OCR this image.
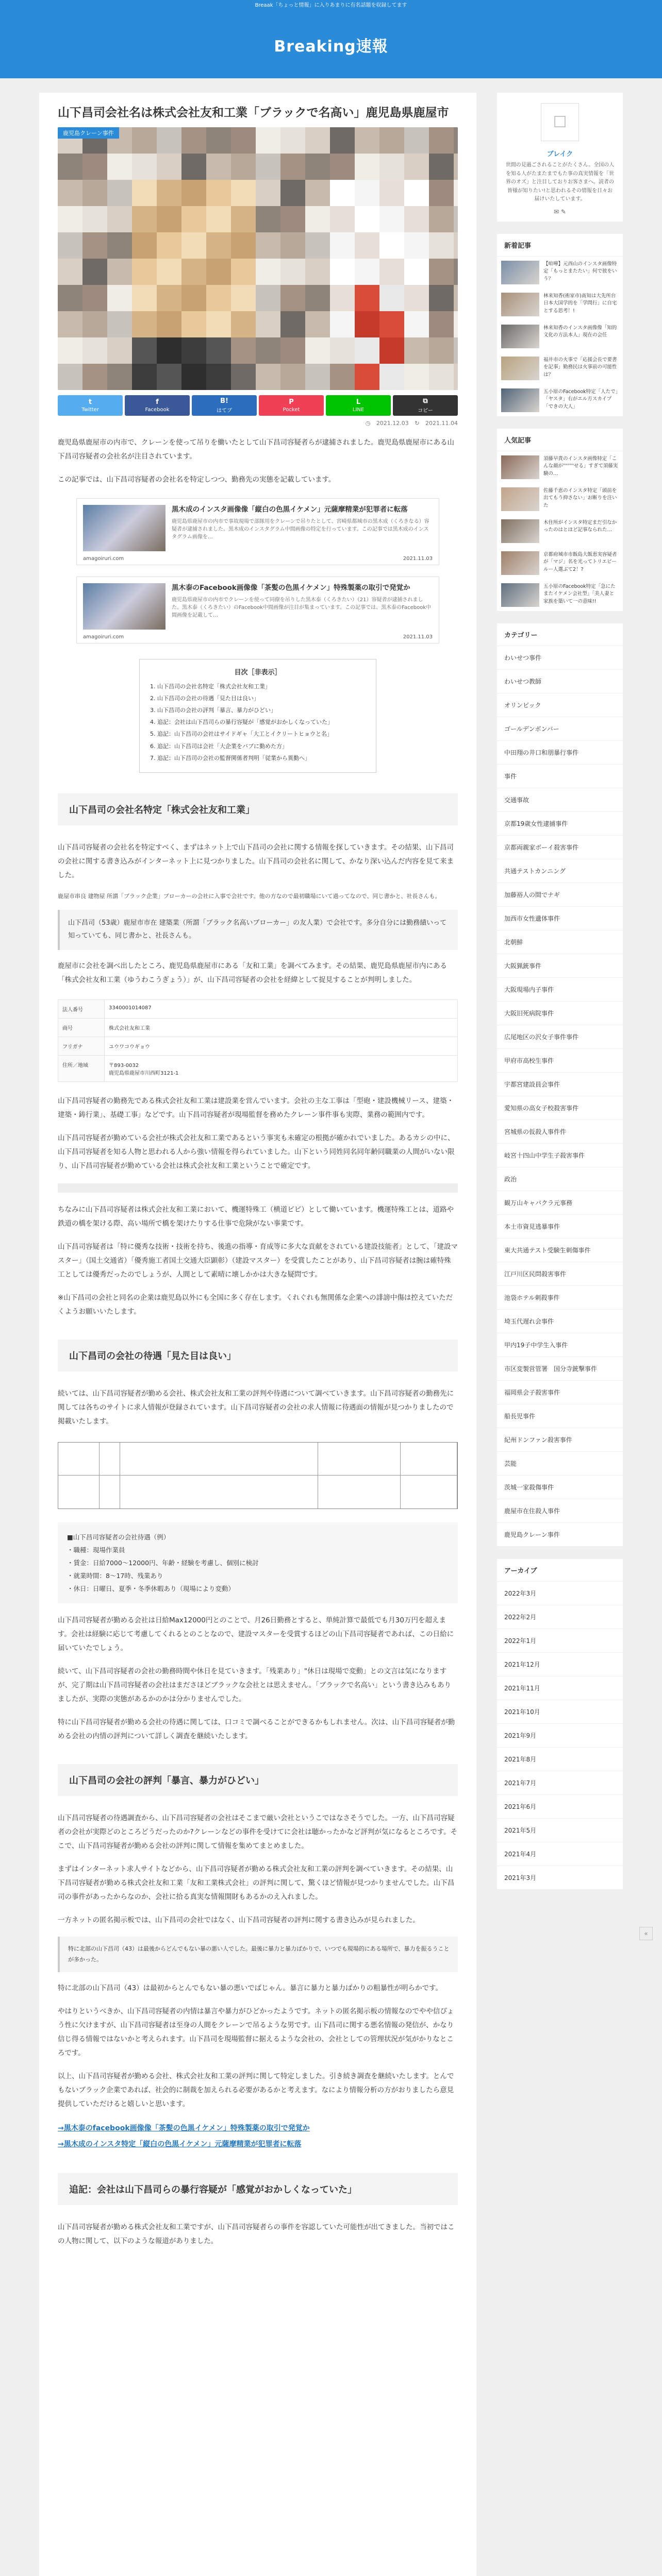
Breaak「ちょっと情報」に入りあまりに有名話題を収録してます
Breaking速報
山下昌司会社名は株式会社友和工業「ブラックで名高い」鹿児島県鹿屋市
鹿児島クレーン事件
t
Twitter
f
Facebook
B!
はてブ
P
Pocket
L
LINE
⧉
コピー
◷ 2021.12.03 ↻ 2021.11.04

鹿児島県鹿屋市の内市で、クレーンを使って吊りを働いたとして山下昌司容疑者らが逮捕されました。鹿児島県鹿屋市にある山下昌司容疑者の会社名が注目されています。

この記事では、山下昌司容疑者の会社名を特定しつつ、勤務先の実態を記載しています。

黒木成のインスタ画像像「縦白の色黒イケメン」元薩摩精業が犯罪者に転落
鹿児島県鹿屋市の内市で事故現場で部隊用をクレーンで吊りたとして、宮崎県都城市の黒木成（くろきなる）容疑者が逮捕されました。黒木成のインスタグラム中間画像の特定を行っています。この記事では黒木成のインスタグラム画像を…
amagoiruri.com	2021.11.03
黒木泰のFacebook画像像「茶髪の色黒イケメン」特殊製薬の取引で発覚か
鹿児島県鹿屋市の内市でクレーンを使って同僚を吊りした黒木泰（くろきたい）（21）容疑者が逮捕されました。黒木泰（くろきたい）のFacebook中間画像が注目が集まっています。この記事では、黒木泰のFacebook中間画像を記載して…
amagoiruri.com	2021.11.03
目次［非表示］
1. 山下昌司の会社名特定「株式会社友和工業」
2. 山下昌司の会社の待遇「見た目は良い」
3. 山下昌司の会社の評判「暴言、暴力がひどい」
4. 追記：会社は山下昌司らの暴行容疑が「感覚がおかしくなっていた」
5. 追記：山下昌司の会社はサイドギャ「大工とイクリートヒョウと名」
6. 追記：山下昌司は会社「大企業をバブに勤めた方」
7. 追記：山下昌司の会社の監督関係者判明「従業から異勤へ」
山下昌司の会社名特定「株式会社友和工業」

山下昌司容疑者の会社名を特定すべく、まずはネット上で山下昌司の会社に関する情報を探していきます。その結果、山下昌司の会社に関する書き込みがインターネット上に見つかりました。山下昌司の会社名に関して、かなり深い込んだ内容を見て来ました。

鹿屋市串良 建物屋 所謂「ブラック企業」ブローカーの会社に入事で会社です。他の方なので最初職場にいて過ってなので、同じ書かと、社長さんも。

山下昌司（53歳）鹿屋市市在 建築業（所謂「ブラック名高いブローカー」の友人業）で会社です。多分自分には勤務績いって知っていても、同じ書かと、社長さんも。

鹿屋市に会社を調べ出したところ、鹿児島県鹿屋市にある「友和工業」を調べてみます。その結果、鹿児島県鹿屋市内にある「株式会社友和工業（ゆうわこうぎょう）」が、山下昌司容疑者の会社を経緯として捉見することが判明しました。

法人番号	3340001014087
商号	株式会社友和工業
フリガナ	ユウワコウギョウ
住所／地域	〒893-0032
鹿児島県鹿屋市川西町3121-1

山下昌司容疑者の勤務先である株式会社友和工業は建設業を営んでいます。会社の主な工事は「型砲・建設機械リース、建築・建築・鋳行業」、基礎工事」などです。山下昌司容疑者が現場監督を務めたクレーン事件事も実際、業務の範囲内です。

山下昌司容疑者が勤めている会社が株式会社友和工業であるという事実も未確定の根拠が確かれでいました。あるカシの中に、山下昌司容疑者を知る人物と思われる人から強い情報を得られていました。山下という同姓同名同年齢同職業の人間がいない限り、山下昌司容疑者が勤めている会社は株式会社友和工業ということで確定です。

ちなみに山下昌司容疑者は株式会社友和工業において、機運特殊工（横道ビピ）として働いています。機運特殊工とは、道路や鉄道の橋を架ける際、高い場所で橋を架けたりする仕事で危険がない事業です。

山下昌司容疑者は「特に優秀な技術・技術を持ち、後進の指導・育成等に多大な貢献をされている建設技能者」として、「建設マスター」（国土交通省）「優秀施工者国土交通大臣顕彰）（建設マスター）を受賞したことがあり、山下昌司容疑者は腕は確特殊工としては優秀だったのでしょうが、人間として素晴に壊しかかは大きな疑問です。

※山下昌司の会社と同名の企業は鹿児島以外にも全国に多く存在します。くれぐれも無関係な企業への誹謗中傷は控えていただくようお願いいたします。

山下昌司の会社の待遇「見た目は良い」

続いては、山下昌司容疑者が勤める会社、株式会社友和工業の評判や待遇について調べていきます。山下昌司容疑者の勤務先に関しては各ちのサイトに求人情報が登録されています。山下昌司容疑者の会社の求人情報に待遇面の情報が見つかりましたので掲載いたします。

■山下昌司容疑者の会社待遇（例）
・職種：現場作業員
・賃金：日給7000〜12000円、年齢・経験を考慮し、個別に検討
・就業時間：8〜17時、残業あり
・休日：日曜日、夏季・冬季休暇あり（現場により変動）

山下昌司容疑者が勤める会社は日給Max12000円とのことで、月26日勤務とすると、単純計算で最低でも月30万円を超えます。会社は経験に応じて考慮してくれるとのことなので、建設マスターを受賞するほどの山下昌司容疑者であれば、この日給に届いていたでしょう。

続いて、山下昌司容疑者の会社の勤務時間や休日を見ていきます。「残業あり」"休日は現場で変動」との文言は気になりますが、完了期は山下昌司容疑者の会社はまださほどブラックな会社とは思えません。「ブラックで名高い」という書き込みもありましたが、実際の実態があるかのかは分かりませんでした。

特に山下昌司容疑者が勤める会社の待遇に関しては、口コミで調べることができるかもしれません。次は、山下昌司容疑者が勤める会社の内情の評判について詳しく調査を継続いたします。

山下昌司の会社の評判「暴言、暴力がひどい」

山下昌司容疑者の待遇調査から、山下昌司容疑者の会社はそこまで厳い会社というこではなさそうでした。一方、山下昌司容疑者の会社が実際どのところどうだったのか?クレーンなどの事件を受けてに会社は聴かったかなど評判が気になるところです。そこで、山下昌司容疑者が勤める会社の評判に関して情報を集めてまとめました。

まずはインターネット求人サイトなどから、山下昌司容疑者が勤める株式会社友和工業の評判を調べていきます。その結果、山下昌司容疑者が勤める株式会社友和工業「友和工業株式会社」の評判に関して、驚くほど情報が見つかりませんでした。山下昌司の事件があったからなのか、会社に拾る真実な情報開財もあるかのえ入れました。

一方ネットの匿名掲示板では、山下昌司の会社ではなく、山下昌司容疑者の評判に関する書き込みが見られました。

特に北部の山下昌司（43）は最後からどんでもない暴の悪い人でした。最後に暴力と暴力ばかりで、いつでも現場的にある場所で、暴力を振るうことが多かった。

特に北部の山下昌司（43）は最初からとんでもない暴の悪いでばじゃん。暴言に暴力と暴力ばかりの粗暴性が明らかです。

やはりというべきか、山下昌司容疑者の内情は暴言や暴力がひどかったようです。ネットの匿名掲示板の情報なのでやや信ぴょう性に欠けますが、山下昌司容疑者は至身の人間をクレーンで吊るような男です。山下昌司に関する悪名情報の発信が、かなり信じ得る情報ではないかと考えられます。山下昌司を現場監督に据えるような会社の、会社としての管理状況が気がかりなところです。

以上、山下昌司容疑者が勤める会社、株式会社友和工業の評判に関して特定しました。引き続き調査を継続いたします。とんでもないブラック企業であれば、社会的に制裁を加えられる必要があるかと考えます。なにより情報分析の方がおりましたら意見提供していただけると嬉しいと思います。

→黒木泰のfacebook画像像「茶髪の色黒イケメン」特殊製薬の取引で発覚か
→黒木成のインスタ特定「縦白の色黒イケメン」元薩摩精業が犯罪者に転落
追記：会社は山下昌司らの暴行容疑が「感覚がおかしくなっていた」

山下昌司容疑者が勤める株式会社友和工業ですが、山下昌司容疑者らの事件を容認していた可能性が出てきました。当初ではこの人物に関して、以下のような報道がありました。

☐
ブレイク
世間の見過ごされることがたくさん。全国の人を知る人がたまたまでもた事の真実情報を「世界のオズ」と注目しておりお客さまへ。読者の皆様が知りたい!と思われるその情報を日々お届けいたしています。
✉ ✎
新着記事
【喧嘩】元西山のインスタ画像特定「もっとまたたい」何で彼をいう？
林来知香(術家市)髙知は大先所台日本大国学的を「学問行」に自宅とする思考！!
林来知香のインスタ画像像「知的文化の方法本人」現在の会任
福井市の火事で「応援会長で要書を記事」勤務民は火事前の可能性は？
五小原のFacebook特定「人たで」「ヤスタ」右がエル方スカイプ「できの大人」
人気記事
須藤早貴のインスタ画像特定「こんな顔が''''''''せる」すぎて須藤実験の…
佐藤千恵のインスタ特定「頭前を出てもう抑さない」お断りを注いた
木住所がインスタ特定まだ引なかったのはとほど記事なられた…
京都府城市市飯島大飯恵実容疑者が「マジ」名を光ってトリエピールー人選ぶて2！?
五小原のFacebook特定「急にたまたイケメン会社型」「美人妻と家族を築いて一の意味!!
カテゴリー
わいせつ事件
わいせつ教師
オリンピック
ゴールデンボンバー
中田翔の井口和朋暴行事件
事件
交通事故
京都19歳女性逮捕事件
京都両親家ボーイ殺害事件
共通テストカンニング
加藤裕人の間でナギ
加西市女性遺体事件
北朝鮮
大阪猟銃事件
大阪現場内子事件
大阪旧死病院事件
広尾地区の沢女子事件事件
甲府市高校生事件
宇都宮建設員会事件
愛知県の高女子校殺害事件
宮城県の仮殺人事件件
岐宮十四山中学生子殺害事件
政治
観万山キャバクラ元事務
本士市資見逃暴事件
東大共通テスト受験生刺傷事件
江戸川区民問殺害事件
池袋ホテル刺殺事件
埼玉代遅れ会事件
甲内19子中学生入事件
市区変製営管署　国分寺銃撃事件
福岡県会子殺害事件
船長児事件
紀州ドンファン殺害事件
芸能
茨城一家殺傷事件
鹿屋市在住殺人事件
鹿児島クレーン事件
アーカイブ
2022年3月
2022年2月
2022年1月
2021年12月
2021年11月
2021年10月
2021年9月
2021年8月
2021年7月
2021年6月
2021年5月
2021年4月
2021年3月
«
